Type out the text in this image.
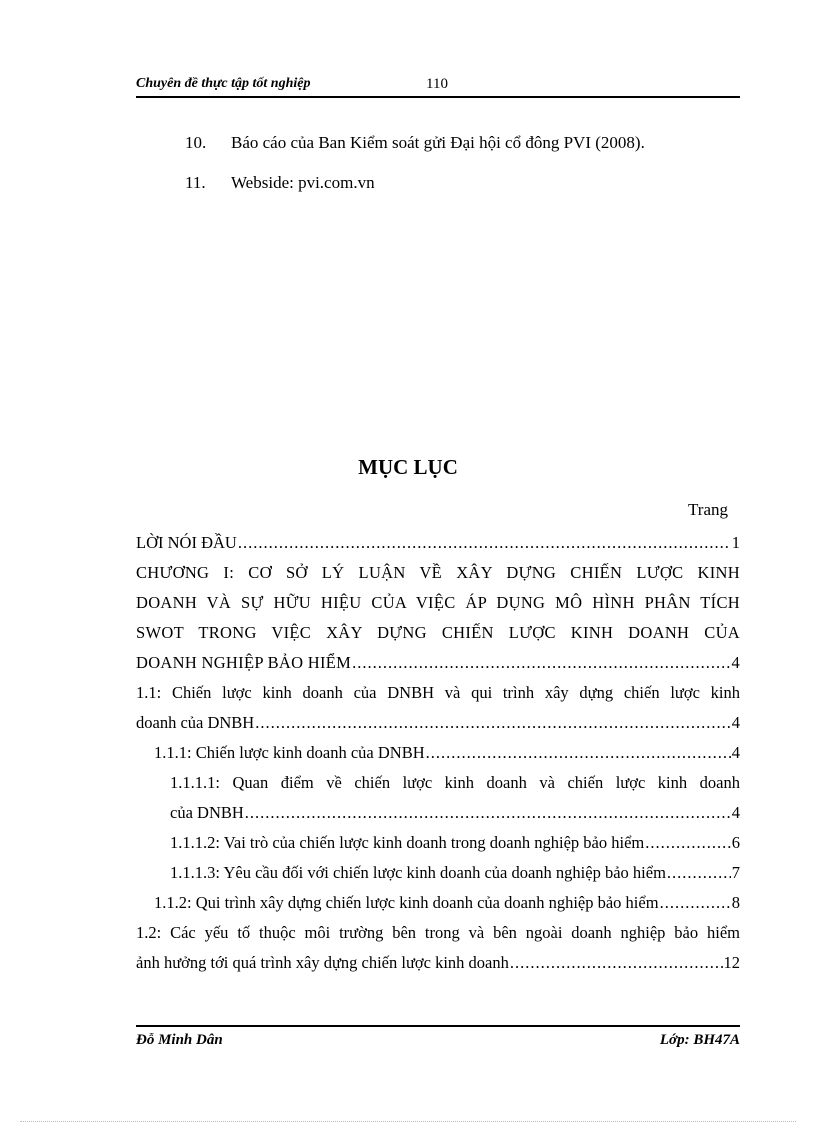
Chuyên đề thực tập tốt nghiệp	110
10. Báo cáo của Ban Kiểm soát gửi Đại hội cổ đông PVI (2008).
11. Webside: pvi.com.vn
MỤC LỤC
Trang
LỜI NÓI ĐẦU .....	1
CHƯƠNG I: CƠ SỞ LÝ LUẬN VỀ XÂY DỰNG CHIẾN LƯỢC KINH
DOANH VÀ SỰ HỮU HIỆU CỦA VIỆC ÁP DỤNG MÔ HÌNH PHÂN TÍCH
SWOT TRONG VIỆC XÂY DỰNG CHIẾN LƯỢC KINH DOANH CỦA
DOANH NGHIỆP BẢO HIỂM .....	4
1.1: Chiến lược kinh doanh của DNBH và qui trình xây dựng chiến lược kinh
doanh của DNBH .....	4
1.1.1: Chiến lược kinh doanh của DNBH .....	4
1.1.1.1: Quan điểm về chiến lược kinh doanh và chiến lược kinh doanh
của DNBH .....	4
1.1.1.2: Vai trò của chiến lược kinh doanh trong doanh nghiệp bảo hiểm .....	6
1.1.1.3: Yêu cầu đối với chiến lược kinh doanh của doanh nghiệp bảo hiểm .....	7
1.1.2: Qui trình xây dựng chiến lược kinh doanh của doanh nghiệp bảo hiểm .....	8
1.2: Các yếu tố thuộc môi trường bên trong và bên ngoài doanh nghiệp bảo hiểm
ảnh hưởng tới quá trình xây dựng chiến lược kinh doanh .....	12
Đỗ Minh Dân	Lớp: BH47A
